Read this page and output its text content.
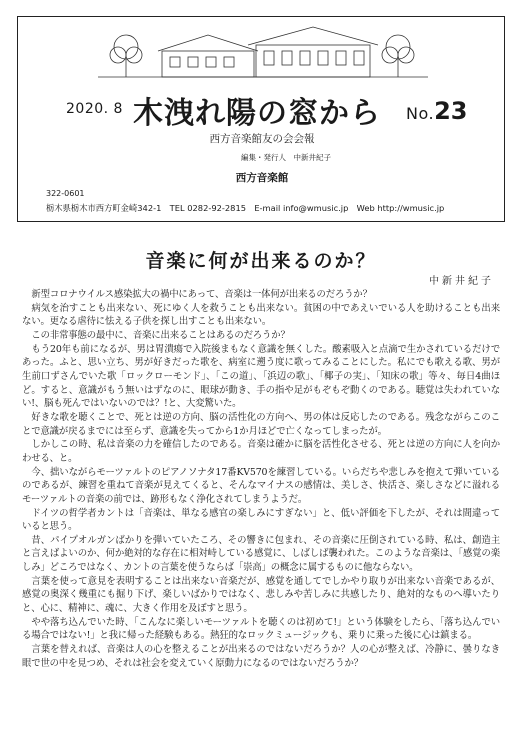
2020. 8 木洩れ陽の窓から No.23
西方音楽館友の会会報
編集・発行人　中新井紀子
西方音楽館
322-0601
栃木県栃木市西方町金崎342-1　TEL 0282-92-2815　E-mail info@wmusic.jp　Web http://wmusic.jp
音楽に何が出来るのか？
中新井紀子

新型コロナウイルス感染拡大の禍中にあって、音楽は一体何が出来るのだろうか？

病気を治すことも出来ない、死にゆく人を救うことも出来ない。貧困の中であえいでいる人を助けることも出来ない。更なる虐待に怯える子供を探し出すことも出来ない。

この非常事態の最中に、音楽に出来ることはあるのだろうか？

もう20年も前になるが、男は胃潰瘍で入院後まもなく意識を無くした。酸素吸入と点滴で生かされているだけであった。ふと、思い立ち、男が好きだった歌を、病室に遡う度に歌ってみることにした。私にでも歌える歌、男が生前口ずさんでいた歌「ロックローモンド」、「この道」、「浜辺の歌」、「椰子の実」、「知床の歌」等々、毎日4曲ほど。すると、意識がもう無いはずなのに、眼球が動き、手の指や足がもぞもぞ動くのである。聴覚は失われていない!、脳も死んではいないのでは？!と、大変驚いた。

好きな歌を聴くことで、死とは逆の方向、脳の活性化の方向へ、男の体は反応したのである。残念ながらこのことで意識が戻るまでには至らず、意識を失ってから1か月ほどで亡くなってしまったが。

しかしこの時、私は音楽の力を確信したのである。音楽は確かに脳を活性化させる、死とは逆の方向に人を向かわせる、と。

今、拙いながらモーツァルトのピアノソナタ17番KV570を練習している。いらだちや悲しみを抱えて弾いているのであるが、練習を重ねて音楽が見えてくると、そんなマイナスの感情は、美しさ、快活さ、楽しさなどに溢れるモーツァルトの音楽の前では、跡形もなく浄化されてしまうようだ。

ドイツの哲学者カントは「音楽は、単なる感官の楽しみにすぎない」と、低い評価を下したが、それは間違っていると思う。

昔、パイプオルガンばかりを弾いていたころ、その響きに包まれ、その音楽に圧倒されている時、私は、創造主と言えばよいのか、何か絶対的な存在に相対峙している感覚に、しばしば襲われた。このような音楽は、「感覚の楽しみ」どころではなく、カントの言葉を使うならば「崇高」の概念に属するものに他ならない。

言葉を使って意見を表明することは出来ない音楽だが、感覚を通してでしかやり取りが出来ない音楽であるが、感覚の奥深く幾重にも掘り下げ、楽しいばかりではなく、悲しみや苦しみに共感したり、絶対的なものへ導いたりと、心に、精神に、魂に、大きく作用を及ぼすと思う。

やや落ち込んでいた時、「こんなに楽しいモーツァルトを聴くのは初めて!」という体験をしたら、「落ち込んでいる場合ではない!」と我に帰った経験もある。熱狂的なロックミュージックも、乗りに乗った後に心は鎮まる。

言葉を替えれば、音楽は人の心を整えることが出来るのではないだろうか？人の心が整えば、冷静に、曇りなき眼で世の中を見つめ、それは社会を変えていく原動力になるのではないだろうか？
